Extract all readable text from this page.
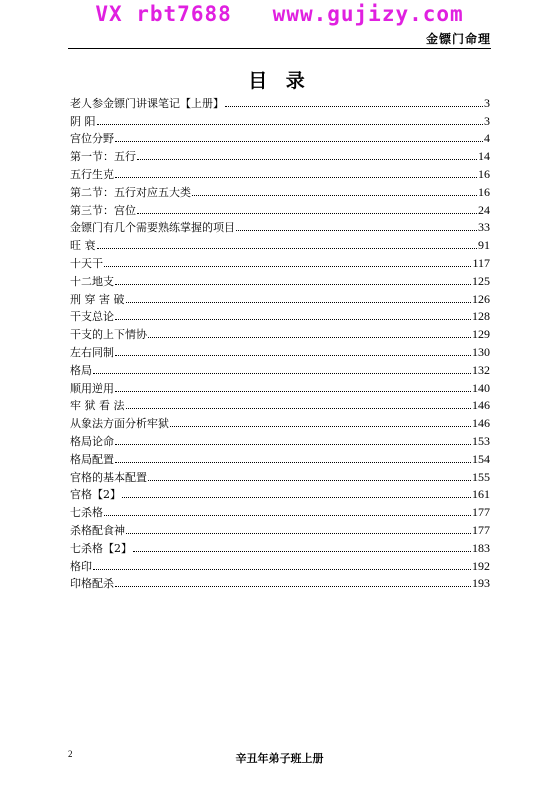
VX rbt7688   www.gujizy.com
金镖门命理
目 录
老人参金镖门讲课笔记【上册】	3
阴 阳	3
宫位分野	4
第一节：五行	14
五行生克	16
第二节：五行对应五大类	16
第三节：宫位	24
金镖门有几个需要熟练掌握的项目	33
旺 衰	91
十天干	117
十二地支	125
刑 穿 害 破	126
干支总论	128
干支的上下情协	129
左右同制	130
格局	132
顺用逆用	140
牢 狱 看 法	146
从象法方面分析牢狱	146
格局论命	153
格局配置	154
官格的基本配置	155
官格【2】	161
七杀格	177
杀格配食神	177
七杀格【2】	183
格印	192
印格配杀	193
2	辛丑年弟子班上册
